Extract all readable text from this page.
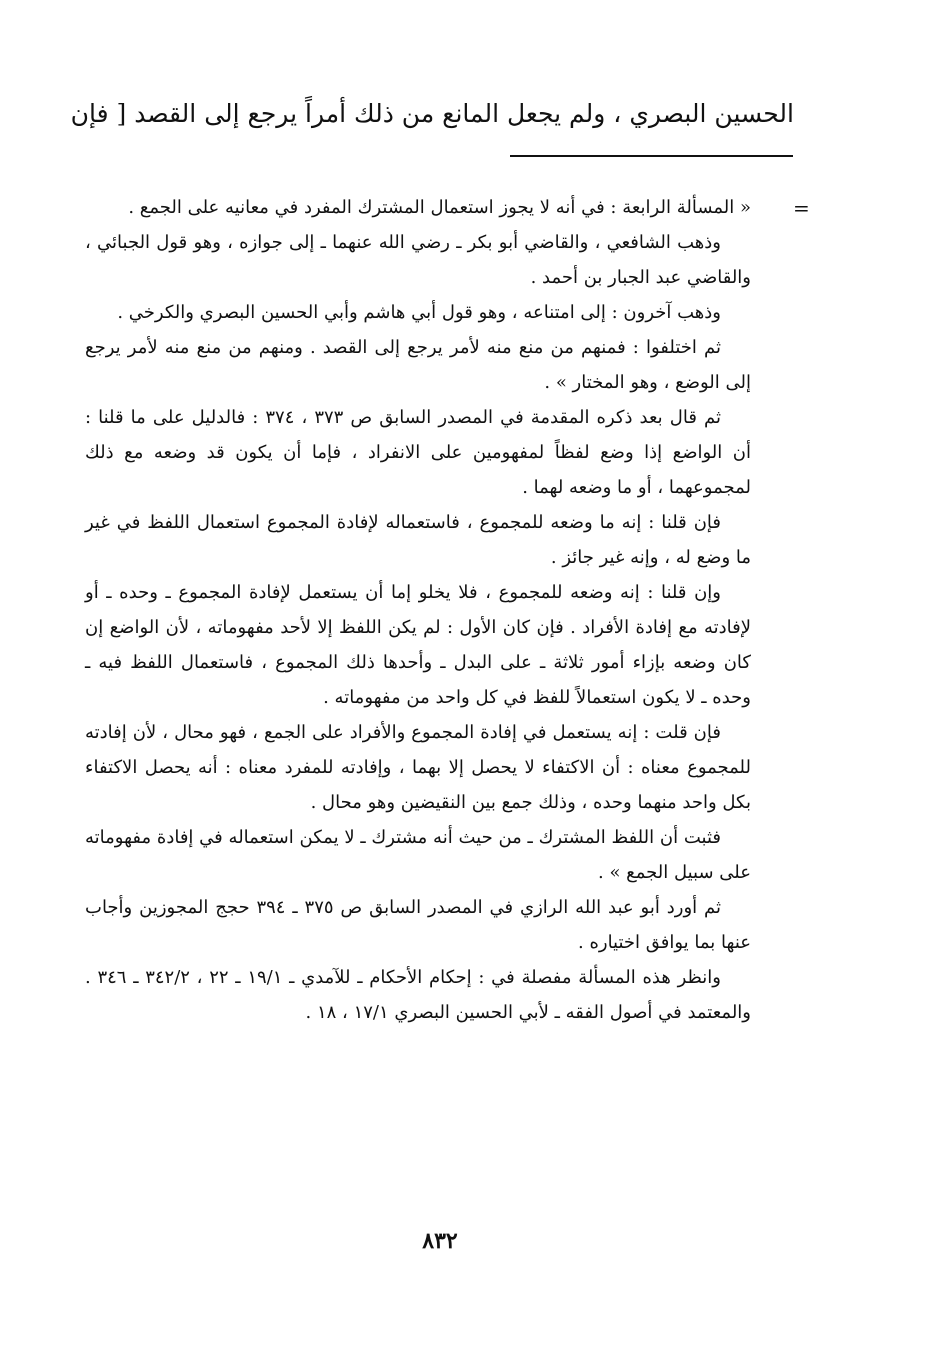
الحسين البصري ، ولم يجعل المانع من ذلك أمراً يرجع إلى القصد [ فإن
=

« المسألة الرابعة : في أنه لا يجوز استعمال المشترك المفرد في معانيه على الجمع .

وذهب الشافعي ، والقاضي أبو بكر ـ رضي الله عنهما ـ إلى جوازه ، وهو قول الجبائي ، والقاضي عبد الجبار بن أحمد .

وذهب آخرون : إلى امتناعه ، وهو قول أبي هاشم وأبي الحسين البصري والكرخي .

ثم اختلفوا : فمنهم من منع منه لأمر يرجع إلى القصد . ومنهم من منع منه لأمر يرجع إلى الوضع ، وهو المختار » .

ثم قال بعد ذكره المقدمة في المصدر السابق ص ٣٧٣ ، ٣٧٤ : فالدليل على ما قلنا : أن الواضع إذا وضع لفظاً لمفهومين على الانفراد ، فإما أن يكون قد وضعه مع ذلك لمجموعهما ، أو ما وضعه لهما .

فإن قلنا : إنه ما وضعه للمجموع ، فاستعماله لإفادة المجموع استعمال اللفظ في غير ما وضع له ، وإنه غير جائز .

وإن قلنا : إنه وضعه للمجموع ، فلا يخلو إما أن يستعمل لإفادة المجموع ـ وحده ـ أو لإفادته مع إفادة الأفراد . فإن كان الأول : لم يكن اللفظ إلا لأحد مفهوماته ، لأن الواضع إن كان وضعه بإزاء أمور ثلاثة ـ على البدل ـ وأحدها ذلك المجموع ، فاستعمال اللفظ فيه ـ وحده ـ لا يكون استعمالاً للفظ في كل واحد من مفهوماته .

فإن قلت : إنه يستعمل في إفادة المجموع والأفراد على الجمع ، فهو محال ، لأن إفادته للمجموع معناه : أن الاكتفاء لا يحصل إلا بهما ، وإفادته للمفرد معناه : أنه يحصل الاكتفاء بكل واحد منهما وحده ، وذلك جمع بين النقيضين وهو محال .

فثبت أن اللفظ المشترك ـ من حيث أنه مشترك ـ لا يمكن استعماله في إفادة مفهوماته على سبيل الجمع » .

ثم أورد أبو عبد الله الرازي في المصدر السابق ص ٣٧٥ ـ ٣٩٤ حجج المجوزين وأجاب عنها بما يوافق اختياره .

وانظر هذه المسألة مفصلة في : إحكام الأحكام ـ للآمدي ـ ١٩/١ ـ ٢٢ ، ٣٤٢/٢ ـ ٣٤٦ . والمعتمد في أصول الفقه ـ لأبي الحسين البصري ١٧/١ ، ١٨ .

٨٣٢
